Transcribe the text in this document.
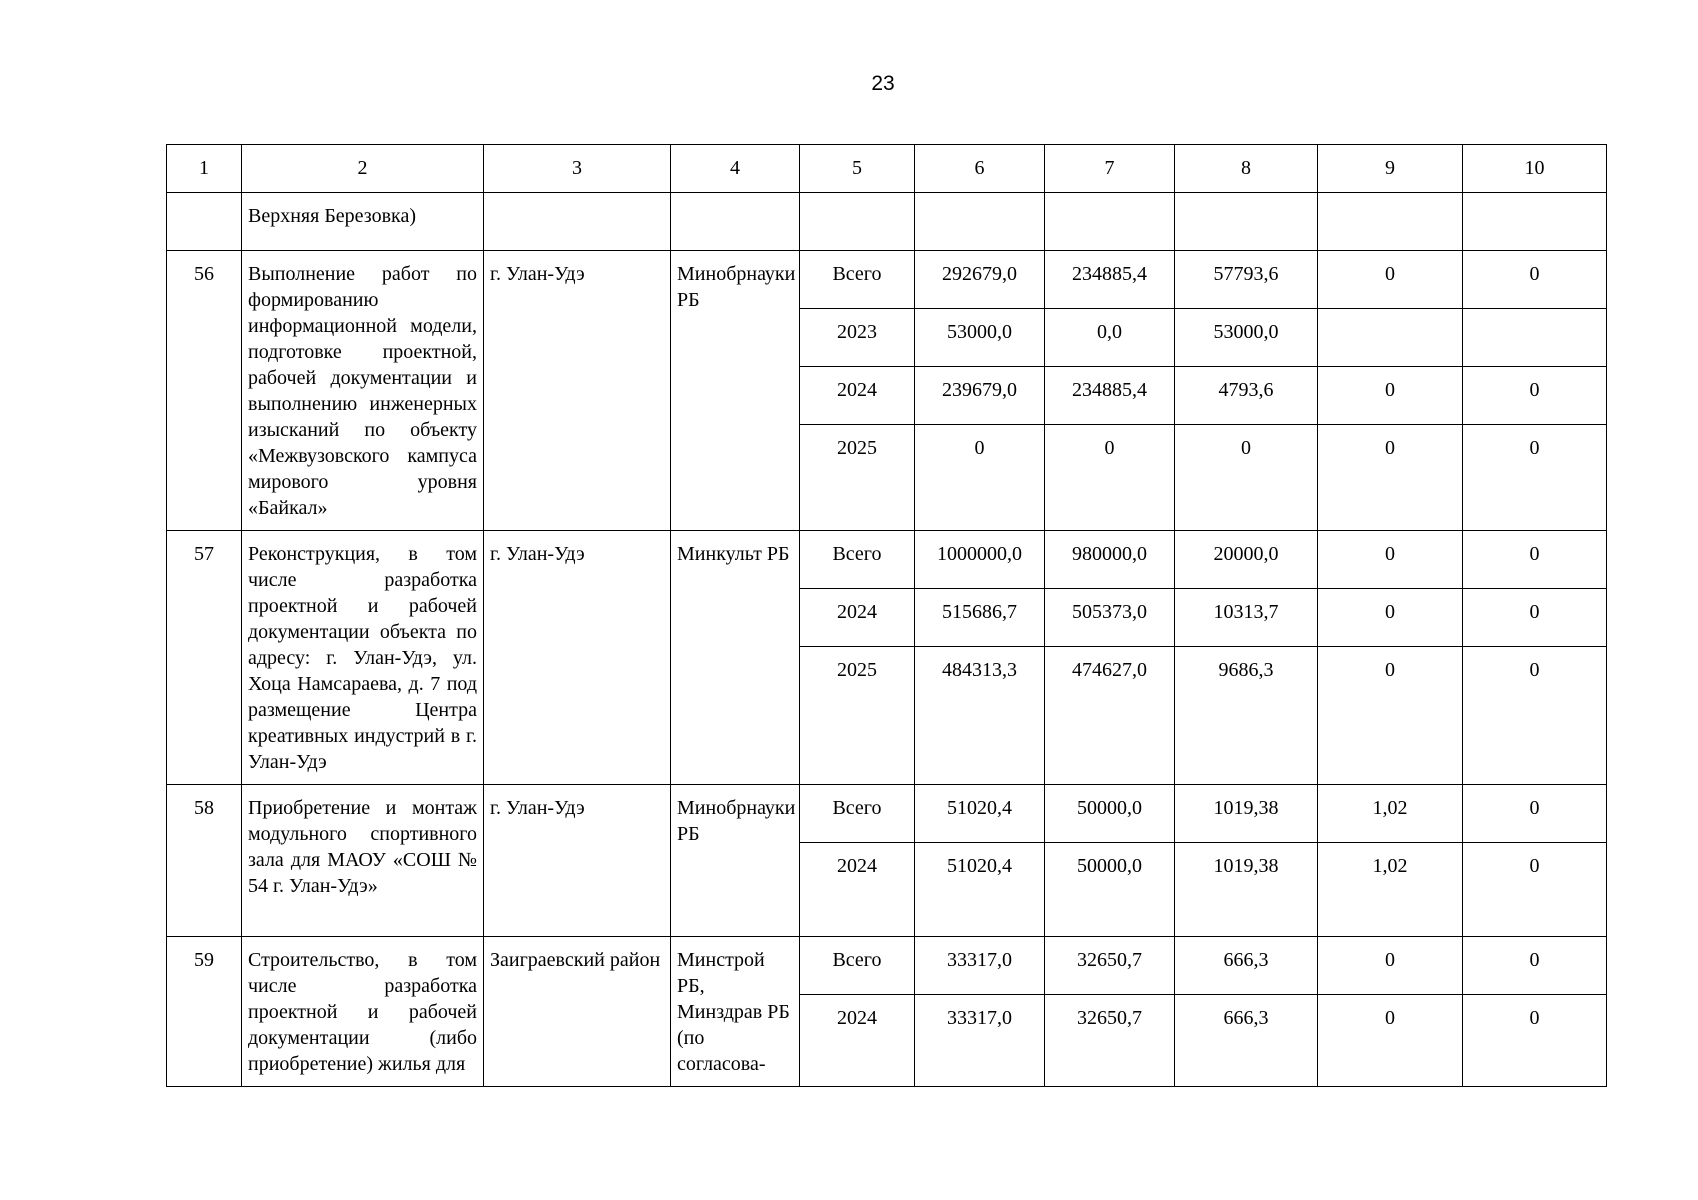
23
1	2	3	4	5	6	7	8	9	10
	Верхняя Березовка)								
56	Выполнение работ по формированию информационной модели, подготовке проектной, рабочей документации и выполнению инженерных изысканий по объекту «Межвузовского кампуса мирового уровня «Байкал»	г. Улан-Удэ	Минобрнауки РБ	Всего	292679,0	234885,4	57793,6	0	0
				2023	53000,0	0,0	53000,0		
				2024	239679,0	234885,4	4793,6	0	0
				2025	0	0	0	0	0
57	Реконструкция, в том числе разработка проектной и рабочей документации объекта по адресу: г. Улан-Удэ, ул. Хоца Намсараева, д. 7 под размещение Центра креативных индустрий в г. Улан-Удэ	г. Улан-Удэ	Минкульт РБ	Всего	1000000,0	980000,0	20000,0	0	0
				2024	515686,7	505373,0	10313,7	0	0
				2025	484313,3	474627,0	9686,3	0	0
58	Приобретение и монтаж модульного спортивного зала для МАОУ «СОШ № 54 г. Улан-Удэ»	г. Улан-Удэ	Минобрнауки РБ	Всего	51020,4	50000,0	1019,38	1,02	0
				2024	51020,4	50000,0	1019,38	1,02	0
59	Строительство, в том числе разработка проектной и рабочей документации (либо приобретение) жилья для	Заиграевский район	Минстрой РБ, Минздрав РБ (по согласова-	Всего	33317,0	32650,7	666,3	0	0
				2024	33317,0	32650,7	666,3	0	0
